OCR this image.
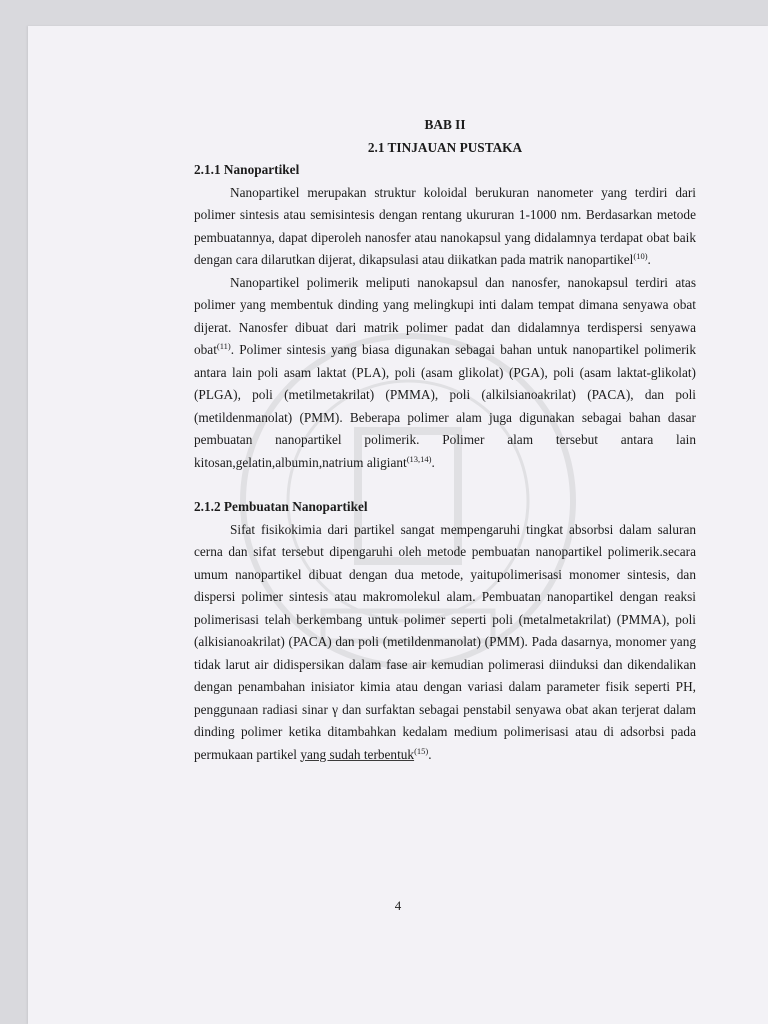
BAB II
2.1 TINJAUAN PUSTAKA
2.1.1 Nanopartikel

Nanopartikel merupakan struktur koloidal berukuran nanometer yang terdiri dari polimer sintesis atau semisintesis dengan rentang ukururan 1-1000 nm. Berdasarkan metode pembuatannya, dapat diperoleh nanosfer atau nanokapsul yang didalamnya terdapat obat baik dengan cara dilarutkan dijerat, dikapsulasi atau diikatkan pada matrik nanopartikel$^{(10)}$.

Nanopartikel polimerik meliputi nanokapsul dan nanosfer, nanokapsul terdiri atas polimer yang membentuk dinding yang melingkupi inti dalam tempat dimana senyawa obat dijerat. Nanosfer dibuat dari matrik polimer padat dan didalamnya terdispersi senyawa obat$^{(11)}$. Polimer sintesis yang biasa digunakan sebagai bahan untuk nanopartikel polimerik antara lain poli asam laktat (PLA), poli (asam glikolat) (PGA), poli (asam laktat-glikolat) (PLGA), poli (metilmetakrilat) (PMMA), poli (alkilsianoakrilat) (PACA), dan poli (metildenmanolat) (PMM). Beberapa polimer alam juga digunakan sebagai bahan dasar pembuatan nanopartikel polimerik. Polimer alam tersebut antara lain kitosan,gelatin,albumin,natrium aligiant$^{(13,14)}$.

2.1.2 Pembuatan Nanopartikel

Sifat fisikokimia dari partikel sangat mempengaruhi tingkat absorbsi dalam saluran cerna dan sifat tersebut dipengaruhi oleh metode pembuatan nanopartikel polimerik.secara umum nanopartikel dibuat dengan dua metode, yaitupolimerisasi monomer sintesis, dan dispersi polimer sintesis atau makromolekul alam. Pembuatan nanopartikel dengan reaksi polimerisasi telah berkembang untuk polimer seperti poli (metalmetakrilat) (PMMA), poli (alkisianoakrilat) (PACA) dan poli (metildenmanolat) (PMM). Pada dasarnya, monomer yang tidak larut air didispersikan dalam fase air kemudian polimerasi diinduksi dan dikendalikan dengan penambahan inisiator kimia atau dengan variasi dalam parameter fisik seperti PH, penggunaan radiasi sinar γ dan surfaktan sebagai penstabil senyawa obat akan terjerat dalam dinding polimer ketika ditambahkan kedalam medium polimerisasi atau di adsorbsi pada permukaan partikel yang sudah terbentuk$^{(15)}$.

4
